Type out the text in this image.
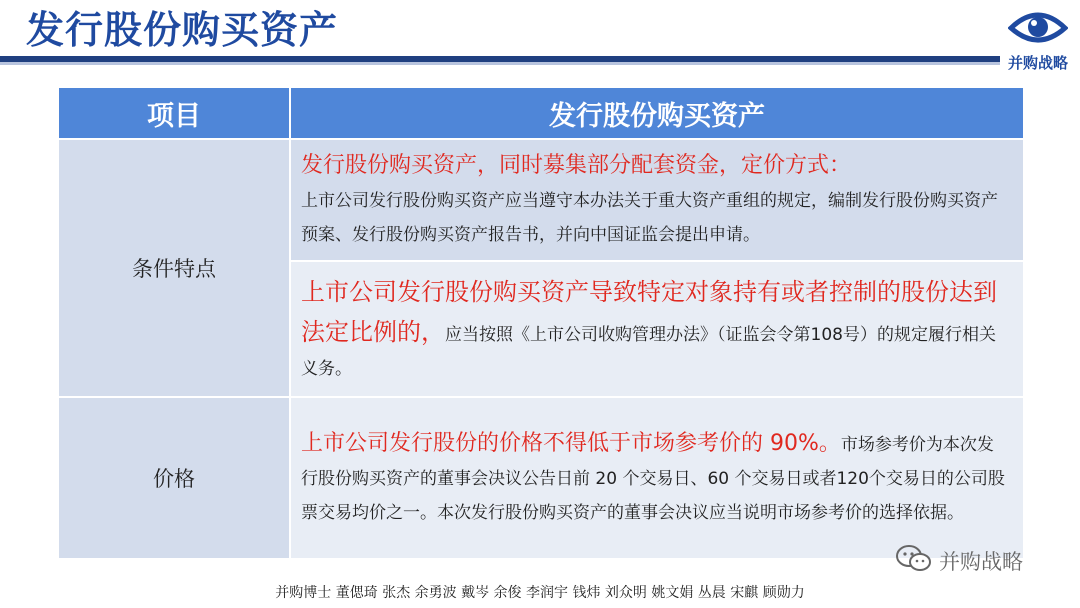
发行股份购买资产
并购战略
项目	发行股份购买资产
条件特点	发行股份购买资产，同时募集部分配套资金，定价方式：
上市公司发行股份购买资产应当遵守本办法关于重大资产重组的规定，编制发行股份购买资产预案、发行股份购买资产报告书，并向中国证监会提出申请。

	上市公司发行股份购买资产导致特定对象持有或者控制的股份达到法定比例的，应当按照《上市公司收购管理办法》（证监会令第108号）的规定履行相关义务。

价格	上市公司发行股份的价格不得低于市场参考价的 90%。市场参考价为本次发行股份购买资产的董事会决议公告日前 20 个交易日、60 个交易日或者120个交易日的公司股票交易均价之一。本次发行股份购买资产的董事会决议应当说明市场参考价的选择依据。
并购战略
并购博士 董偲琦 张杰 余勇波 戴岑 余俊 李润宇 钱炜 刘众明 姚文娟 丛晨 宋麒 顾勋力
